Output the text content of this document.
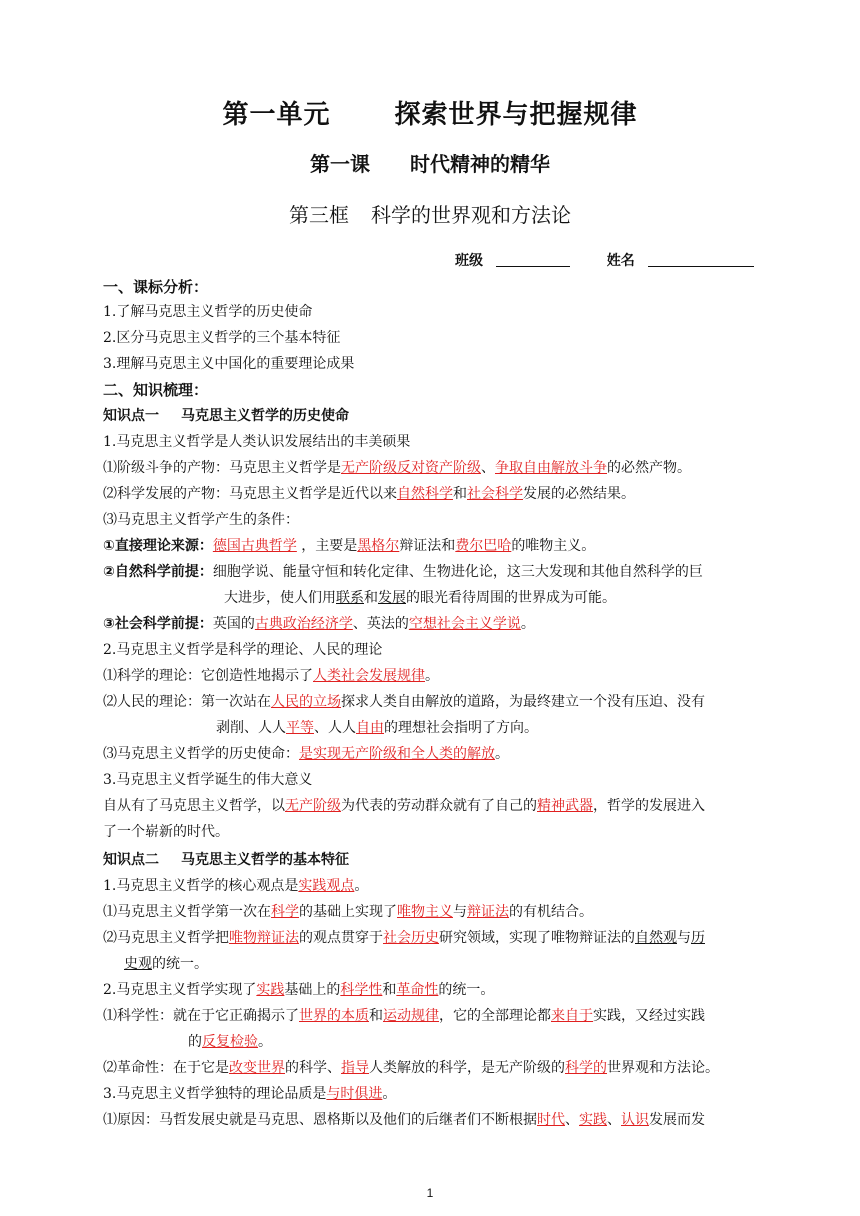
第一单元 探索世界与把握规律
第一课 时代精神的精华
第三框 科学的世界观和方法论
班级	姓名
一、课标分析：
1.了解马克思主义哲学的历史使命
2.区分马克思主义哲学的三个基本特征
3.理解马克思主义中国化的重要理论成果
二、知识梳理：
知识点一 马克思主义哲学的历史使命
1.马克思主义哲学是人类认识发展结出的丰美硕果
⑴阶级斗争的产物：马克思主义哲学是无产阶级反对资产阶级、争取自由解放斗争的必然产物。
⑵科学发展的产物：马克思主义哲学是近代以来自然科学和社会科学发展的必然结果。
⑶马克思主义哲学产生的条件：
①直接理论来源：德国古典哲学 ，主要是黑格尔辩证法和费尔巴哈的唯物主义。
②自然科学前提：细胞学说、能量守恒和转化定律、生物进化论，这三大发现和其他自然科学的巨
大进步，使人们用联系和发展的眼光看待周围的世界成为可能。
③社会科学前提：英国的古典政治经济学、英法的空想社会主义学说。
2.马克思主义哲学是科学的理论、人民的理论
⑴科学的理论：它创造性地揭示了人类社会发展规律。
⑵人民的理论：第一次站在人民的立场探求人类自由解放的道路，为最终建立一个没有压迫、没有
剥削、人人平等、人人自由的理想社会指明了方向。
⑶马克思主义哲学的历史使命：是实现无产阶级和全人类的解放。
3.马克思主义哲学诞生的伟大意义
自从有了马克思主义哲学，以无产阶级为代表的劳动群众就有了自己的精神武器，哲学的发展进入
了一个崭新的时代。
知识点二 马克思主义哲学的基本特征
1.马克思主义哲学的核心观点是实践观点。
⑴马克思主义哲学第一次在科学的基础上实现了唯物主义与辩证法的有机结合。
⑵马克思主义哲学把唯物辩证法的观点贯穿于社会历史研究领域，实现了唯物辩证法的自然观与历
史观的统一。
2.马克思主义哲学实现了实践基础上的科学性和革命性的统一。
⑴科学性：就在于它正确揭示了世界的本质和运动规律，它的全部理论都来自于实践，又经过实践
的反复检验。
⑵革命性：在于它是改变世界的科学、指导人类解放的科学，是无产阶级的科学的世界观和方法论。
3.马克思主义哲学独特的理论品质是与时俱进。
⑴原因：马哲发展史就是马克思、恩格斯以及他们的后继者们不断根据时代、实践、认识发展而发
1
